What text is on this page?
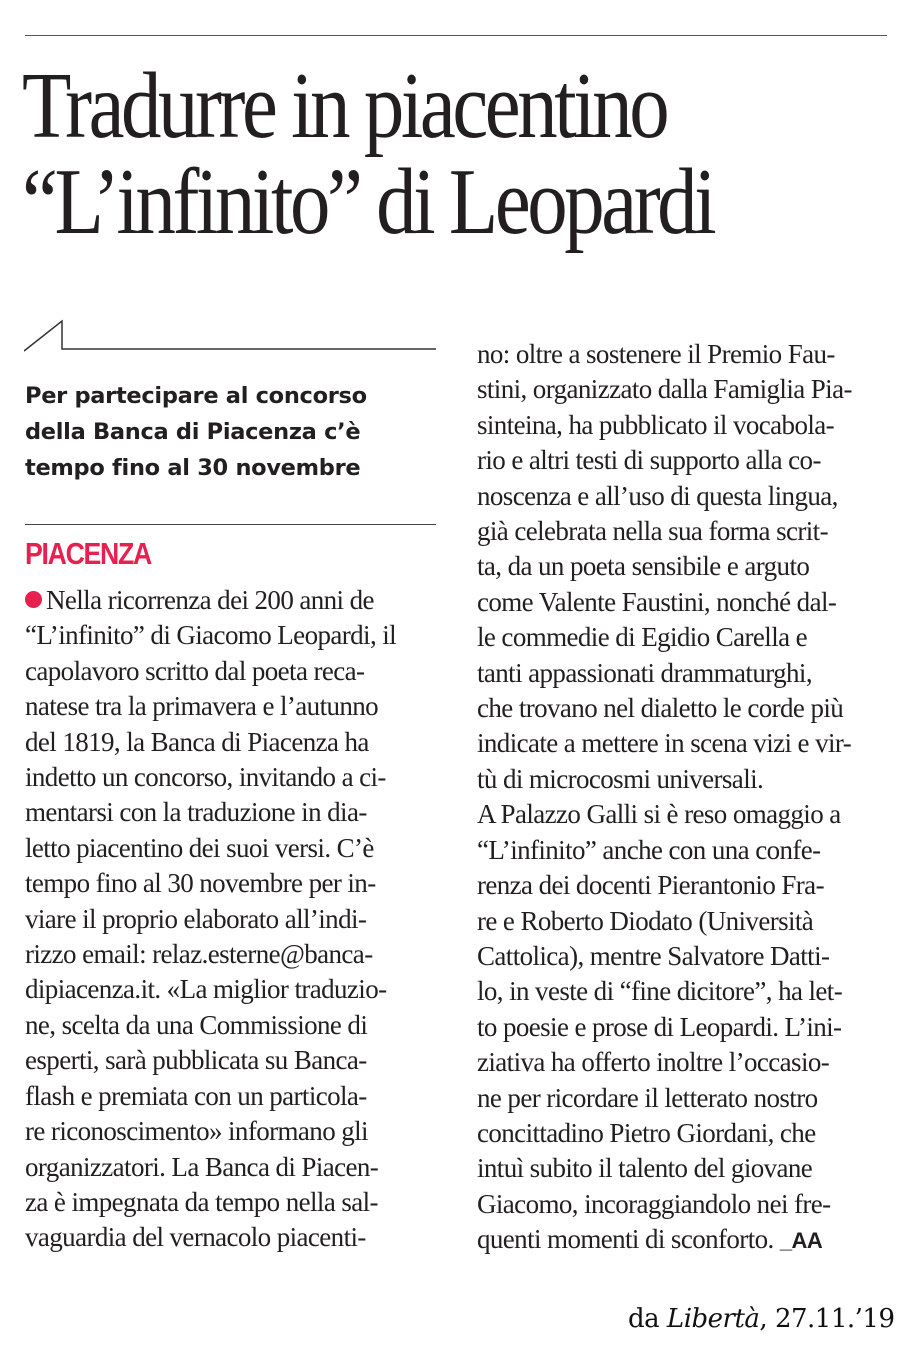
Tradurre in piacentino
“L’infinito” di Leopardi
Per partecipare al concorso
della Banca di Piacenza c’è
tempo fino al 30 novembre
PIACENZA

Nella ricorrenza dei 200 anni de

“L’infinito” di Giacomo Leopardi, il

capolavoro scritto dal poeta reca-

natese tra la primavera e l’autunno

del 1819, la Banca di Piacenza ha

indetto un concorso, invitando a ci-

mentarsi con la traduzione in dia-

letto piacentino dei suoi versi. C’è

tempo fino al 30 novembre per in-

viare il proprio elaborato all’indi-

rizzo email: relaz.esterne@banca-

dipiacenza.it. «La miglior traduzio-

ne, scelta da una Commissione di

esperti, sarà pubblicata su Banca-

flash e premiata con un particola-

re riconoscimento» informano gli

organizzatori. La Banca di Piacen-

za è impegnata da tempo nella sal-

vaguardia del vernacolo piacenti-

no: oltre a sostenere il Premio Fau-

stini, organizzato dalla Famiglia Pia-

sinteina, ha pubblicato il vocabola-

rio e altri testi di supporto alla co-

noscenza e all’uso di questa lingua,

già celebrata nella sua forma scrit-

ta, da un poeta sensibile e arguto

come Valente Faustini, nonché dal-

le commedie di Egidio Carella e

tanti appassionati drammaturghi,

che trovano nel dialetto le corde più

indicate a mettere in scena vizi e vir-

tù di microcosmi universali.

A Palazzo Galli si è reso omaggio a

“L’infinito” anche con una confe-

renza dei docenti Pierantonio Fra-

re e Roberto Diodato (Università

Cattolica), mentre Salvatore Datti-

lo, in veste di “fine dicitore”, ha let-

to poesie e prose di Leopardi. L’ini-

ziativa ha offerto inoltre l’occasio-

ne per ricordare il letterato nostro

concittadino Pietro Giordani, che

intuì subito il talento del giovane

Giacomo, incoraggiandolo nei fre-

quenti momenti di sconforto. _AA

da Libertà, 27.11.’19
